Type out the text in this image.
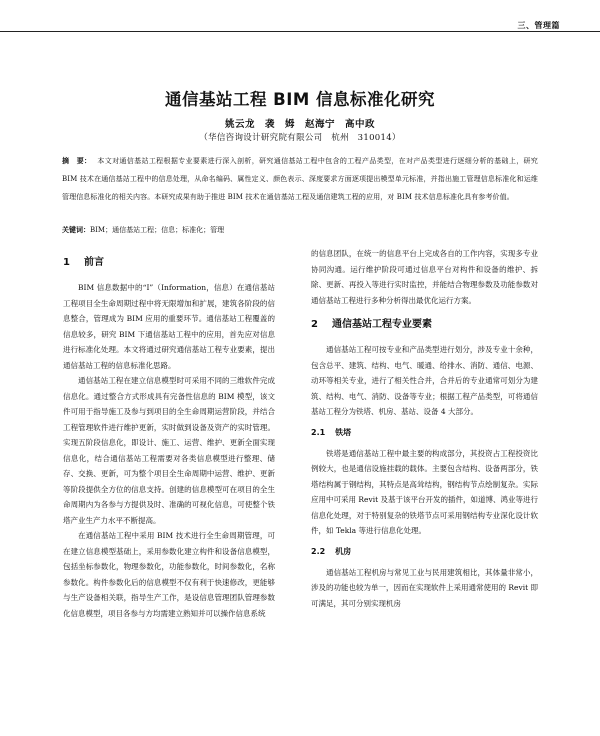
三、管理篇
通信基站工程 BIM 信息标准化研究
姚云龙　袭　姆　赵海宁　高中政
（华信咨询设计研究院有限公司　杭州　310014）
摘　要： 本文对通信基站工程根据专业要素进行深入剖析，研究通信基站工程中包含的工程产品类型，在对产品类型进行逐细分析的基础上，研究 BIM 技术在通信基站工程中的信息处理，从命名编码、属性定义、颜色表示、深度要求方面逐项提出模型单元标准，并指出施工管理信息标准化和运维管理信息标准化的相关内容。本研究成果有助于推进 BIM 技术在通信基站工程及通信建筑工程的应用，对 BIM 技术信息标准化具有参考价值。
关键词：BIM；通信基站工程；信息；标准化；管理
1 前言

BIM 信息数据中的“I”（Information，信息）在通信基站工程项目全生命周期过程中将无限增加和扩展，建筑各阶段的信息整合，管理成为 BIM 应用的重要环节。通信基站工程覆盖的信息较多，研究 BIM 下通信基站工程中的应用，首先应对信息进行标准化处理。本文将通过研究通信基站工程专业要素，提出通信基站工程的信息标准化思路。

通信基站工程在建立信息模型时可采用不同的三维软件完成信息化。通过整合方式形成具有完备性信息的 BIM 模型，该文件可用于指导施工及参与到项目的全生命周期运营阶段，并结合工程管理软件进行维护更新，实时做到设备及资产的实时管理。实现五阶段信息化，即设计、施工、运营、维护、更新全面实现信息化，结合通信基站工程需要对各类信息模型进行整理、储存、交换、更新，可为整个项目全生命周期中运营、维护、更新等阶段提供全方位的信息支持。创建的信息模型可在项目的全生命周期内为各参与方提供及时、准确的可视化信息，可使整个铁塔产业生产力水平不断提高。

在通信基站工程中采用 BIM 技术进行全生命周期管理，可在建立信息模型基础上，采用参数化建立构件和设备信息模型，包括坐标参数化，物理参数化，功能参数化，时间参数化，名称参数化。构件参数化后的信息模型不仅有利于快速修改，更能够与生产设备相关联，指导生产工作，是设信息管理团队管理参数化信息模型，项目各参与方均需建立熟知并可以操作信息系统

的信息团队，在统一的信息平台上完成各自的工作内容，实现多专业协同沟通。运行维护阶段可通过信息平台对构件和设备的维护、拆除、更新、再投入等进行实时监控，并能结合物理参数及功能参数对通信基站工程进行多种分析得出最优化运行方案。

2 通信基站工程专业要素

通信基站工程可按专业和产品类型进行划分，涉及专业十余种，包含总平、建筑、结构、电气、暖通、给排水、消防、通信、电源、动环等相关专业，进行了相关性合并，合并后的专业通常可划分为建筑、结构、电气、消防、设备等专业；根据工程产品类型，可将通信基站工程分为铁塔、机房、基站、设备 4 大部分。

2.1 铁塔

铁塔是通信基站工程中最主要的构成部分，其投资占工程投资比例较大，也是通信设施挂载的载体。主要包含结构、设备两部分，铁塔结构属于钢结构，其特点是高耸结构，钢结构节点绘制复杂。实际应用中可采用 Revit 及基于该平台开发的插件，如道博、鸿业等进行信息化处理，对于特别复杂的铁塔节点可采用钢结构专业深化设计软件，如 Tekla 等进行信息化处理。

2.2 机房

通信基站工程机房与常见工业与民用建筑相比，其体量非常小，涉及的功能也较为单一，因而在实现软件上采用通常使用的 Revit 即可满足，其可分别实现机房
